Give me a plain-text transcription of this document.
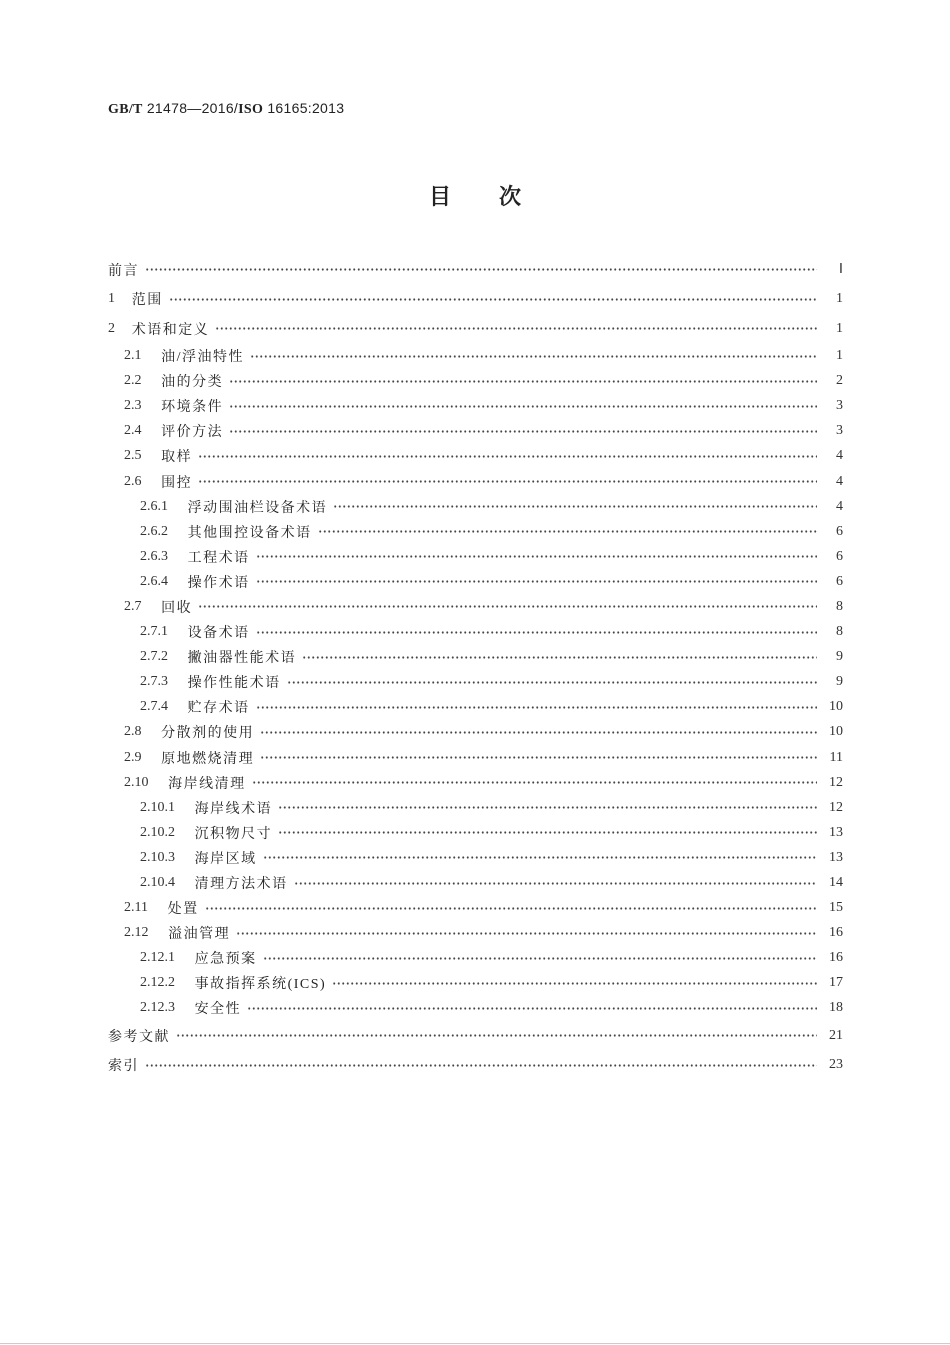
GB/T 21478—2016/ISO 16165:2013
目次
前言	Ⅰ
1 范围	1
2 术语和定义	1
2.1 油/浮油特性	1
2.2 油的分类	2
2.3 环境条件	3
2.4 评价方法	3
2.5 取样	4
2.6 围控	4
2.6.1 浮动围油栏设备术语	4
2.6.2 其他围控设备术语	6
2.6.3 工程术语	6
2.6.4 操作术语	6
2.7 回收	8
2.7.1 设备术语	8
2.7.2 撇油器性能术语	9
2.7.3 操作性能术语	9
2.7.4 贮存术语	10
2.8 分散剂的使用	10
2.9 原地燃烧清理	11
2.10 海岸线清理	12
2.10.1 海岸线术语	12
2.10.2 沉积物尺寸	13
2.10.3 海岸区域	13
2.10.4 清理方法术语	14
2.11 处置	15
2.12 溢油管理	16
2.12.1 应急预案	16
2.12.2 事故指挥系统(ICS)	17
2.12.3 安全性	18
参考文献	21
索引	23
